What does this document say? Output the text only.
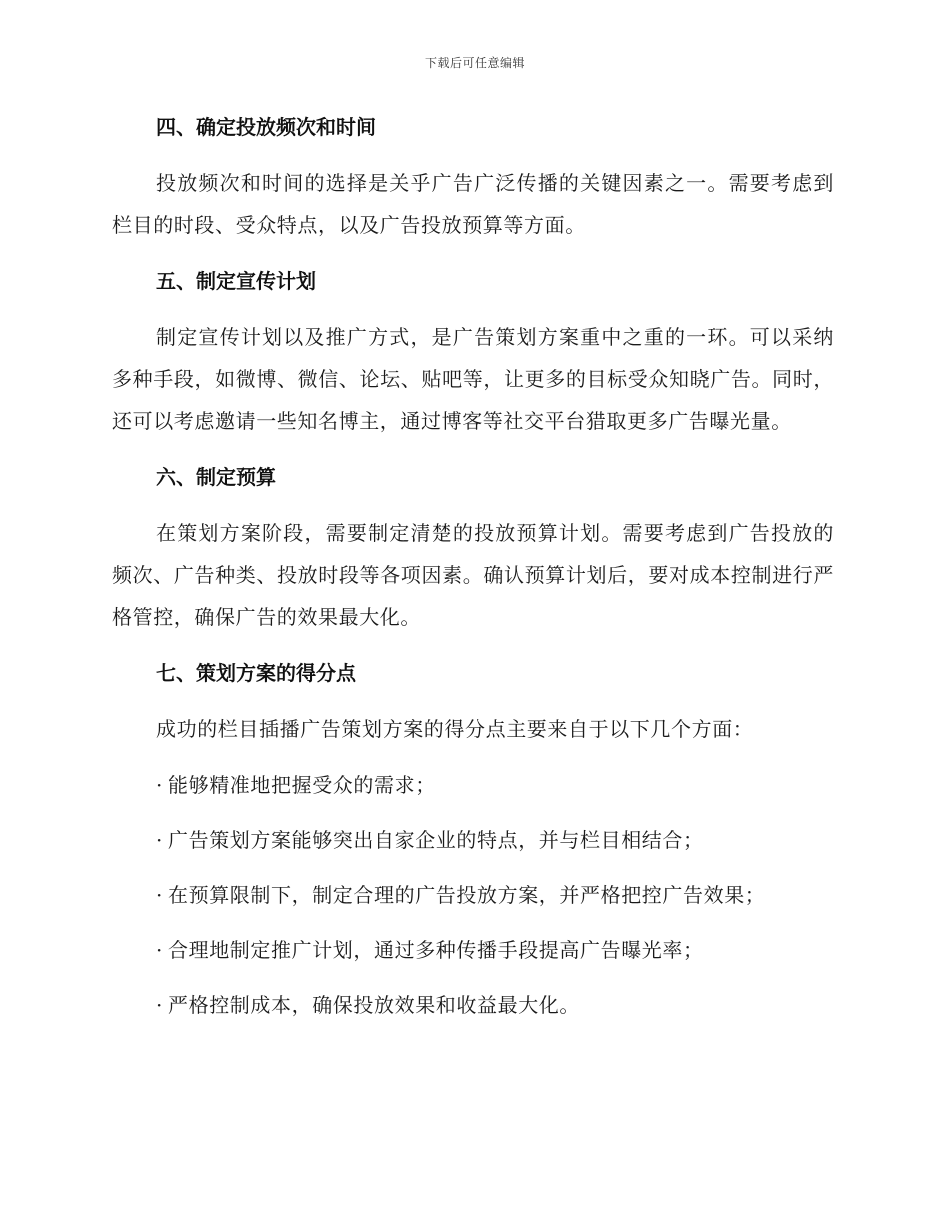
下载后可任意编辑
四、确定投放频次和时间

投放频次和时间的选择是关乎广告广泛传播的关键因素之一。需要考虑到栏目的时段、受众特点，以及广告投放预算等方面。

五、制定宣传计划

制定宣传计划以及推广方式，是广告策划方案重中之重的一环。可以采纳多种手段，如微博、微信、论坛、贴吧等，让更多的目标受众知晓广告。同时，还可以考虑邀请一些知名博主，通过博客等社交平台猎取更多广告曝光量。

六、制定预算

在策划方案阶段，需要制定清楚的投放预算计划。需要考虑到广告投放的频次、广告种类、投放时段等各项因素。确认预算计划后，要对成本控制进行严格管控，确保广告的效果最大化。

七、策划方案的得分点

成功的栏目插播广告策划方案的得分点主要来自于以下几个方面：

· 能够精准地把握受众的需求；
· 广告策划方案能够突出自家企业的特点，并与栏目相结合；
· 在预算限制下，制定合理的广告投放方案，并严格把控广告效果；
· 合理地制定推广计划，通过多种传播手段提高广告曝光率；
· 严格控制成本，确保投放效果和收益最大化。
